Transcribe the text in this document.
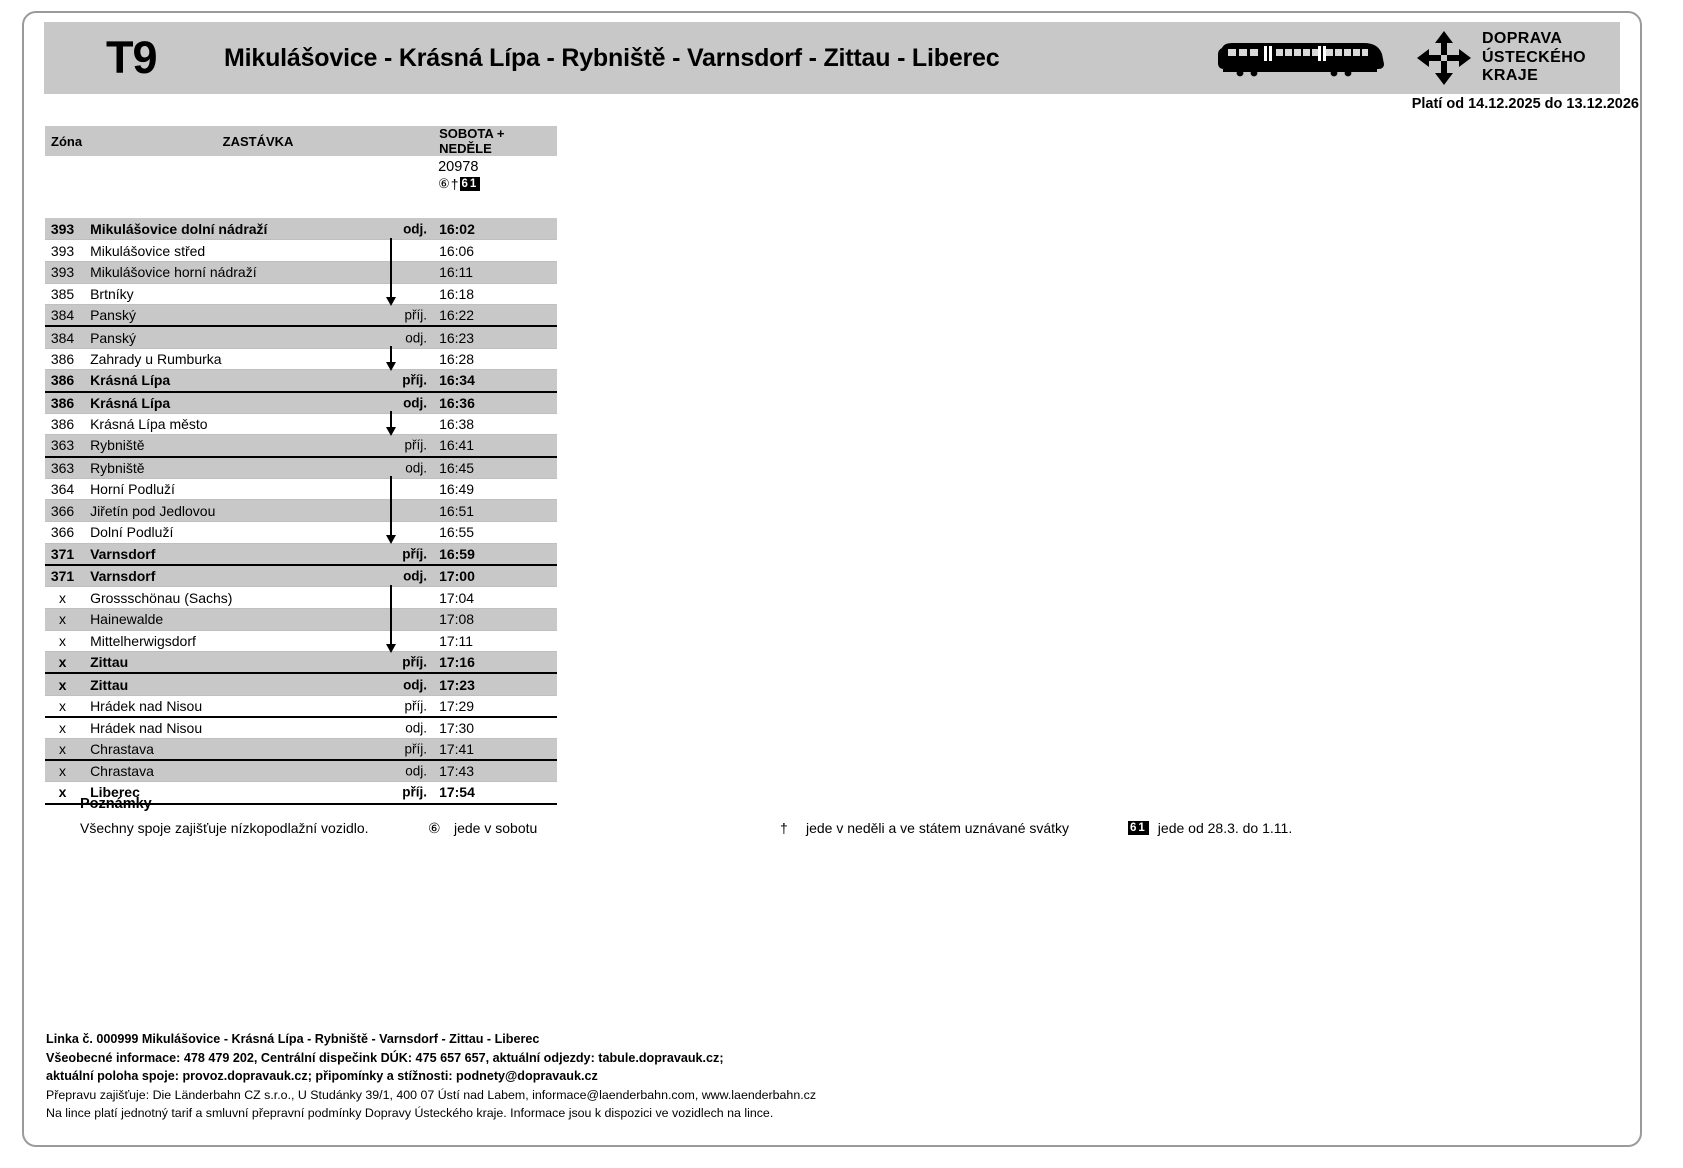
T9	Mikulášovice - Krásná Lípa - Rybniště - Varnsdorf - Zittau - Liberec
DOPRAVA
ÚSTECKÉHO
KRAJE
Platí od 14.12.2025 do 13.12.2026
Zóna	ZASTÁVKA	SOBOTA + NEDĚLE		

		20978
⑥ † 61		

393	Mikulášovice dolní nádraží odj.	16:02		
393	Mikulášovice střed	16:06		
393	Mikulášovice horní nádraží	16:11		
385	Brtníky	16:18		
384	Panský příj.	16:22		
384	Panský odj.	16:23		
386	Zahrady u Rumburka	16:28		
386	Krásná Lípa příj.	16:34		
386	Krásná Lípa odj.	16:36		
386	Krásná Lípa město	16:38		
363	Rybniště příj.	16:41		
363	Rybniště odj.	16:45		
364	Horní Podluží	16:49		
366	Jiřetín pod Jedlovou	16:51		
366	Dolní Podluží	16:55		
371	Varnsdorf příj.	16:59		
371	Varnsdorf odj.	17:00		
x	Grossschönau (Sachs)	17:04		
x	Hainewalde	17:08		
x	Mittelherwigsdorf	17:11		
x	Zittau příj.	17:16		
x	Zittau odj.	17:23		
x	Hrádek nad Nisou příj.	17:29		
x	Hrádek nad Nisou odj.	17:30		
x	Chrastava příj.	17:41		
x	Chrastava odj.	17:43		
x	Liberec příj.	17:54		
Poznámky
Všechny spoje zajišťuje nízkopodlažní vozidlo.	⑥ jede v sobotu	† jede v neděli a ve státem uznávané svátky	61 jede od 28.3. do 1.11.
Linka č. 000999 Mikulášovice - Krásná Lípa - Rybniště - Varnsdorf - Zittau - Liberec
Všeobecné informace: 478 479 202, Centrální dispečink DÚK: 475 657 657, aktuální odjezdy: tabule.dopravauk.cz;
aktuální poloha spoje: provoz.dopravauk.cz; připomínky a stížnosti: podnety@dopravauk.cz
Přepravu zajišťuje: Die Länderbahn CZ s.r.o., U Studánky 39/1, 400 07 Ústí nad Labem, informace@laenderbahn.com, www.laenderbahn.cz
Na lince platí jednotný tarif a smluvní přepravní podmínky Dopravy Ústeckého kraje. Informace jsou k dispozici ve vozidlech na lince.
